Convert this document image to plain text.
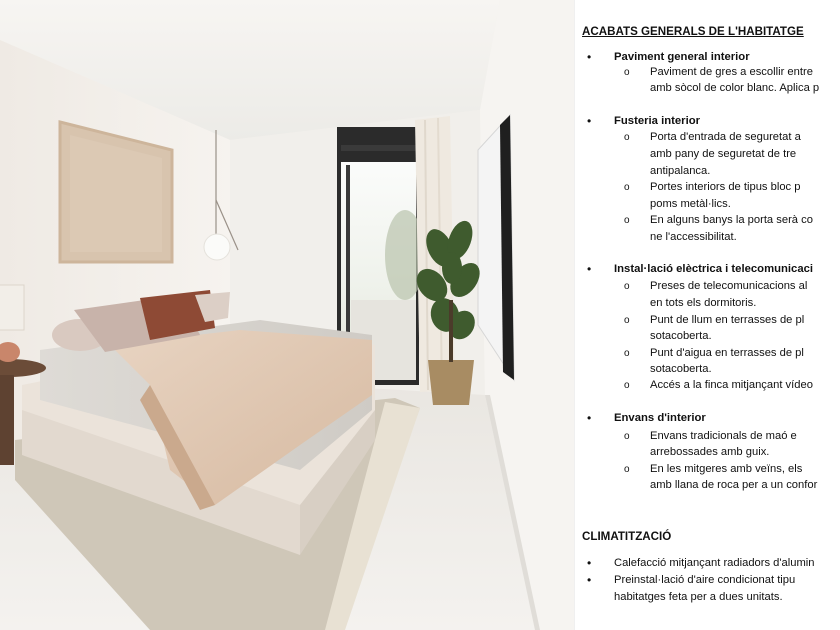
ACABATS GENERALS DE L'HABITATGE
• Paviment general interior
o Paviment de gres a escollir entre
amb sòcol de color blanc. Aplica p
• Fusteria interior
o Porta d'entrada de seguretat a
amb pany de seguretat de tre
antipalanca.
o Portes interiors de tipus bloc p
poms metàl·lics.
o En alguns banys la porta serà co
ne l'accessibilitat.
• Instal·lació elèctrica i telecomunicaci
o Preses de telecomunicacions al
en tots els dormitoris.
o Punt de llum en terrasses de pl
sotacoberta.
o Punt d'aigua en terrasses de pl
sotacoberta.
o Accés a la finca mitjançant vídeo
• Envans d'interior
o Envans tradicionals de maó e
arrebossades amb guix.
o En les mitgeres amb veïns, els
amb llana de roca per a un confor
CLIMATITZACIÓ
• Calefacció mitjançant radiadors d'alumin
• Preinstal·lació d'aire condicionat tipu
habitatges feta per a dues unitats.
